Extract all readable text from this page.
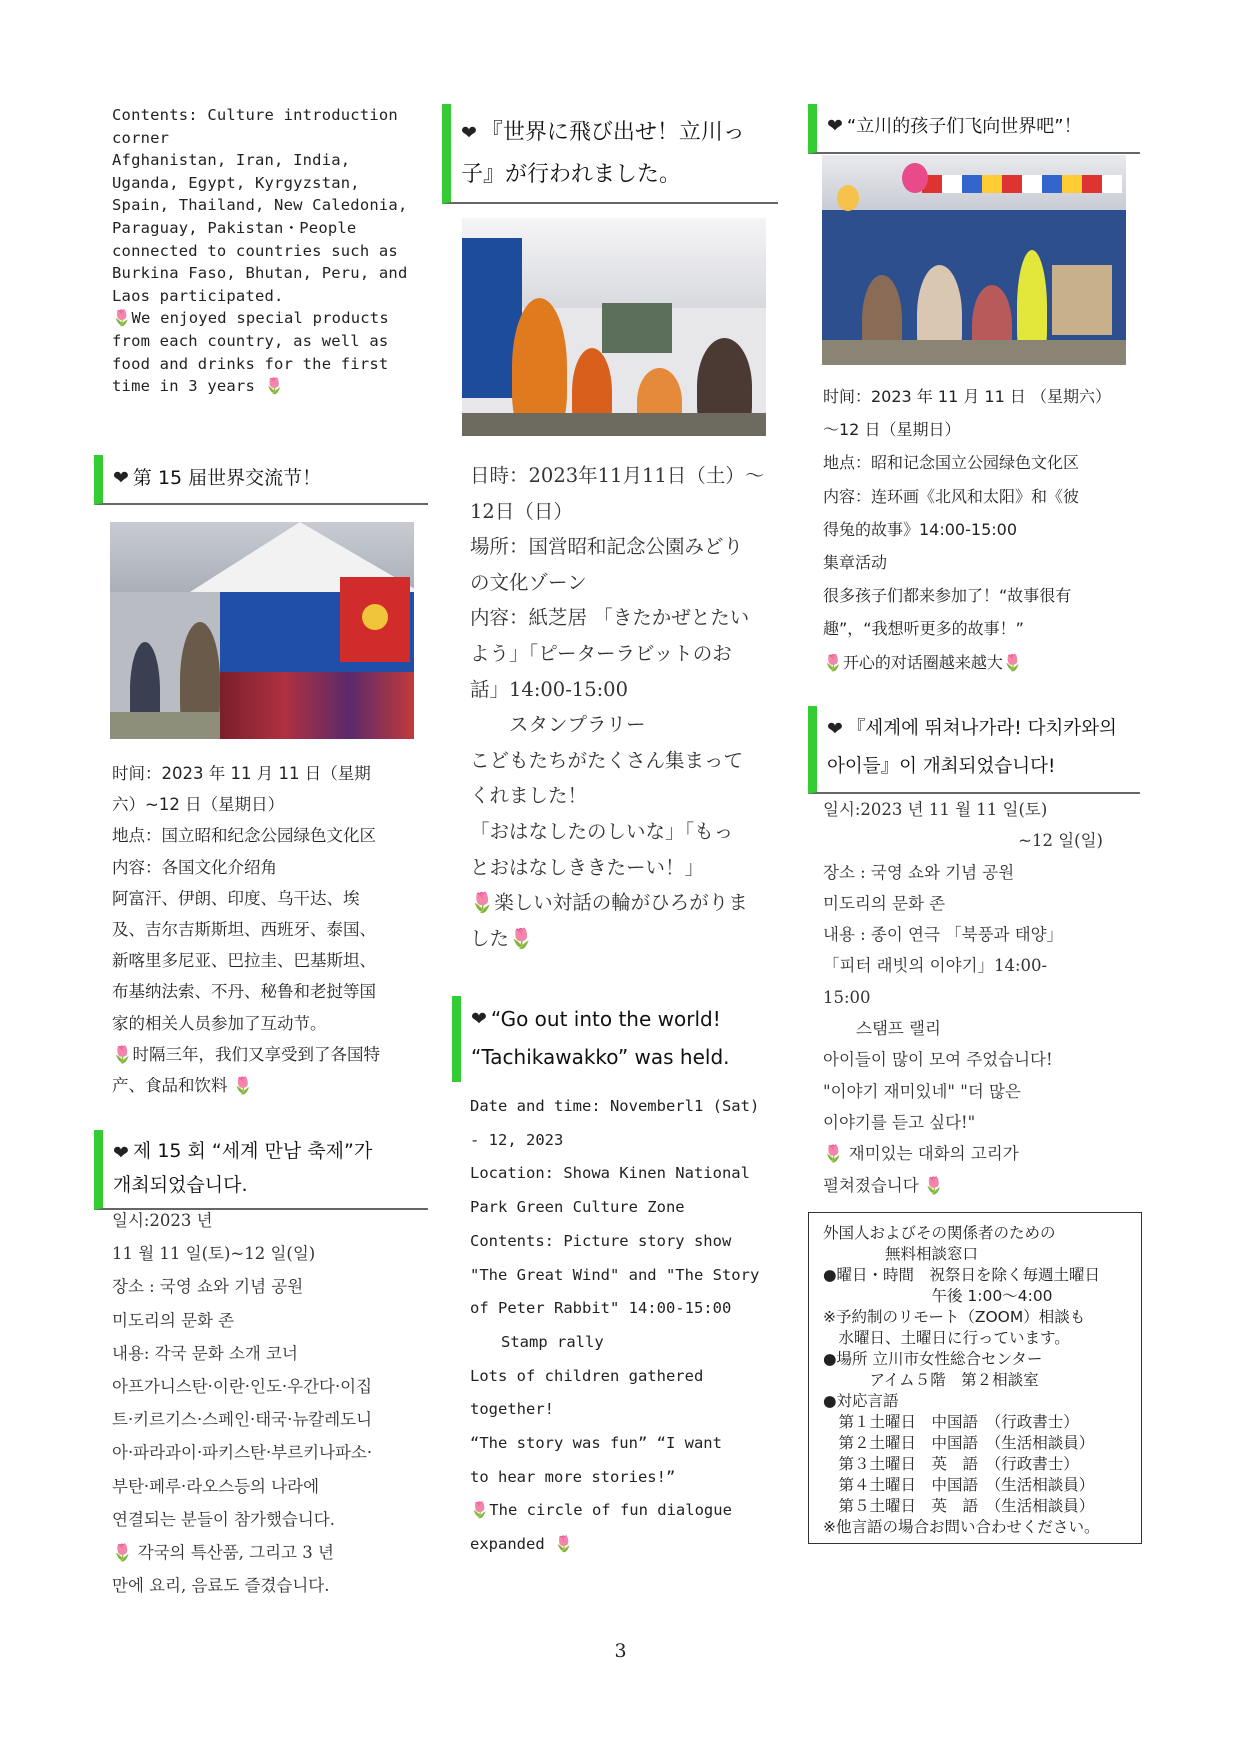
Contents: Culture introduction
corner
Afghanistan, Iran, India,
Uganda, Egypt, Kyrgyzstan,
Spain, Thailand, New Caledonia,
Paraguay, Pakistan・People
connected to countries such as
Burkina Faso, Bhutan, Peru, and
Laos participated.
🌷We enjoyed special products
from each country, as well as
food and drinks for the first
time in 3 years 🌷

❤ 第 15 届世界交流节！

时间：2023 年 11 月 11 日（星期
六）~12 日（星期日）
地点：国立昭和纪念公园绿色文化区
内容：各国文化介绍角
阿富汗、伊朗、印度、乌干达、埃
及、吉尔吉斯斯坦、西班牙、泰国、
新喀里多尼亚、巴拉圭、巴基斯坦、
布基纳法索、不丹、秘鲁和老挝等国
家的相关人员参加了互动节。
🌷时隔三年，我们又享受到了各国特
产、食品和饮料 🌷

❤ 제 15 회 “세계 만남 축제”가
개최되었습니다.

일시:2023 년
11 월 11 일(토)~12 일(일)
장소 : 국영 쇼와 기념 공원
미도리의 문화 존
내용: 각국 문화 소개 코너
아프가니스탄·이란·인도·우간다·이집
트·키르기스·스페인·태국·뉴칼레도니
아·파라과이·파키스탄·부르키나파소·
부탄·페루·라오스등의 나라에
연결되는 분들이 참가했습니다.
🌷 각국의 특산품, 그리고 3 년
만에 요리, 음료도 즐겼습니다.

❤ 『世界に飛び出せ！立川っ
子』が行われました。

日時：2023年11月11日（土）～
12日（日）
場所：国営昭和記念公園みどり
の文化ゾーン
内容：紙芝居 「きたかぜとたい
よう」「ピーターラビットのお
話」14:00-15:00
　　スタンプラリー
こどもたちがたくさん集まって
くれました！
「おはなしたのしいな」「もっ
とおはなしききたーい！」
🌷楽しい対話の輪がひろがりま
した🌷

❤ “Go out into the world!
“Tachikawakko” was held.

Date and time: Novemberl1 (Sat)
- 12, 2023
Location: Showa Kinen National
Park Green Culture Zone
Contents: Picture story show
"The Great Wind" and "The Story
of Peter Rabbit" 14:00-15:00
　　Stamp rally
Lots of children gathered
together!
“The story was fun” “I want
to hear more stories!”
🌷The circle of fun dialogue
expanded 🌷

❤ “立川的孩子们飞向世界吧”！

时间：2023 年 11 月 11 日 （星期六）
～12 日（星期日）
地点：昭和记念国立公园绿色文化区
内容：连环画《北风和太阳》和《彼
得兔的故事》14:00-15:00
集章活动
很多孩子们都来参加了！“故事很有
趣”，“我想听更多的故事！”
🌷开心的对话圈越来越大🌷

❤ 『세계에 뛰쳐나가라! 다치카와의
아이들』이 개최되었습니다!

일시:2023 년 11 월 11 일(토)

~12 일(일)

장소 : 국영 쇼와 기념 공원
미도리의 문화 존
내용 : 종이 연극 「북풍과 태양」
「피터 래빗의 이야기」14:00-
15:00
　　스탬프 랠리
아이들이 많이 모여 주었습니다!
"이야기 재미있네" "더 많은
이야기를 듣고 싶다!"
🌷 재미있는 대화의 고리가
펼쳐졌습니다 🌷

外国人およびその関係者のための
　　　　無料相談窓口
●曜日・時間　祝祭日を除く毎週土曜日
　　　　　　　午後 1:00～4:00
※予約制のリモート（ZOOM）相談も
　水曜日、土曜日に行っています。
●場所 立川市女性総合センター
　　　アイム５階　第２相談室
●対応言語
　第１土曜日　中国語　（行政書士）
　第２土曜日　中国語　（生活相談員）
　第３土曜日　英　語　（行政書士）
　第４土曜日　中国語　（生活相談員）
　第５土曜日　英　語　（生活相談員）
※他言語の場合お問い合わせください。

3
